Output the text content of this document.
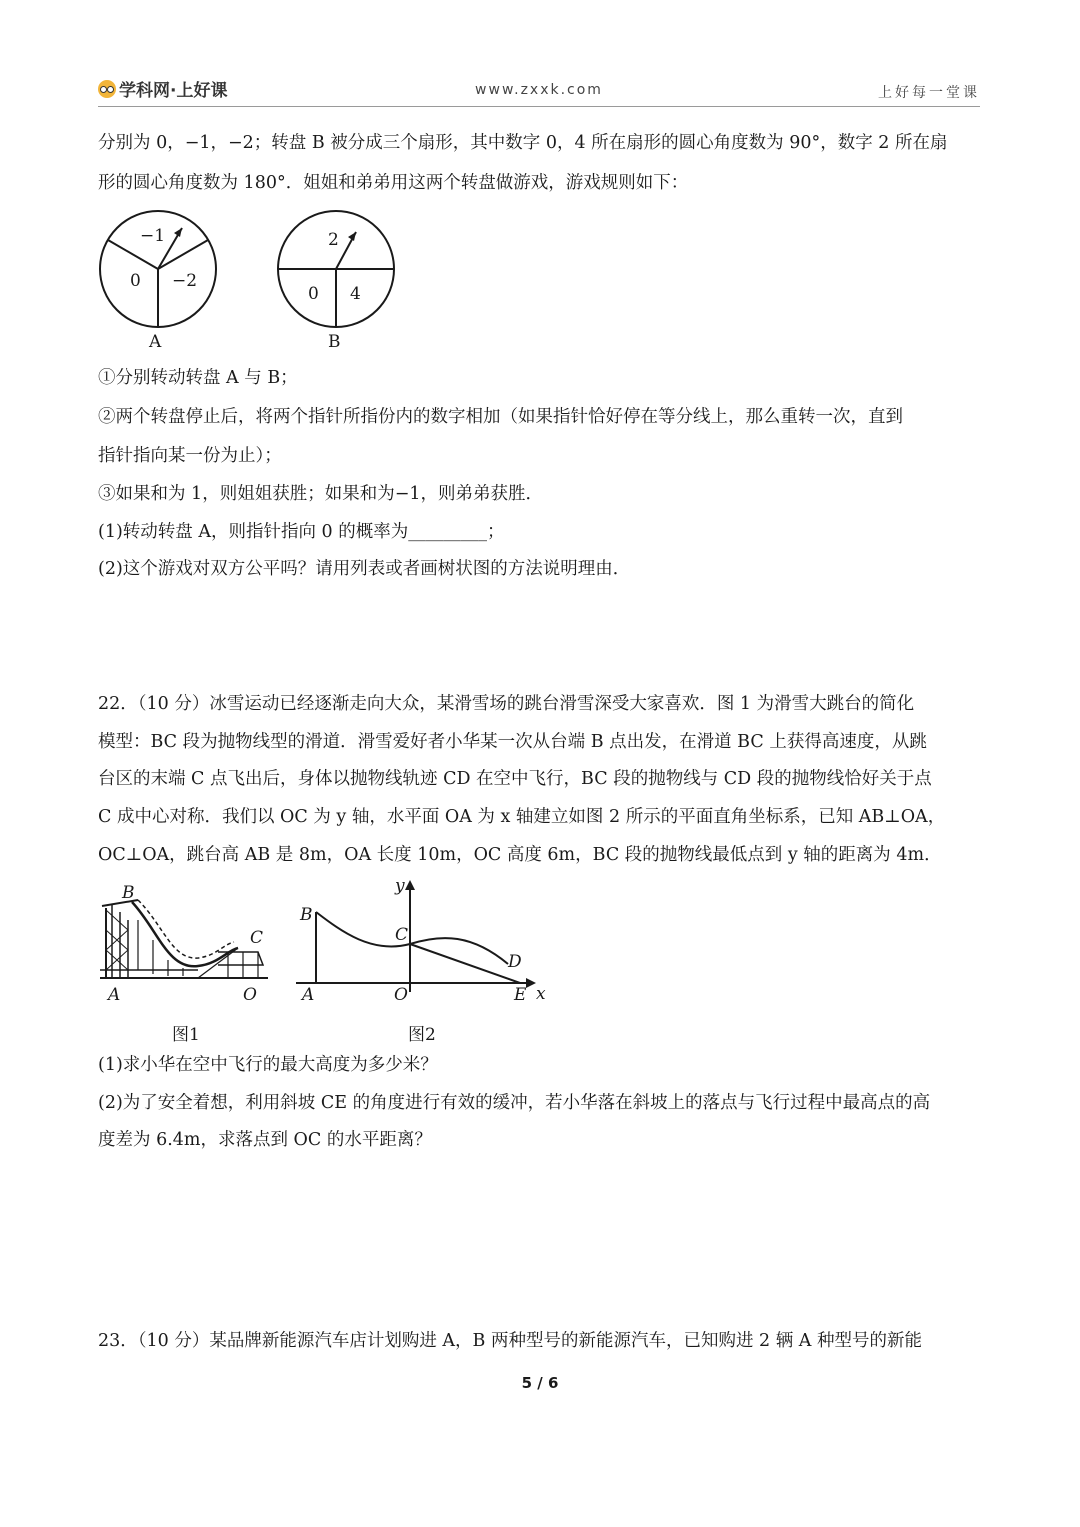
学科网·上好课	www.zxxk.com	上好每一堂课
分别为 0，−1，−2；转盘 B 被分成三个扇形，其中数字 0，4 所在扇形的圆心角度数为 90°，数字 2 所在扇
形的圆心角度数为 180°．姐姐和弟弟用这两个转盘做游戏，游戏规则如下：
−1
0 −2
A
2
0 4
B
①分别转动转盘 A 与 B；
②两个转盘停止后，将两个指针所指份内的数字相加（如果指针恰好停在等分线上，那么重转一次，直到
指针指向某一份为止）；
③如果和为 1，则姐姐获胜；如果和为−1，则弟弟获胜．
(1)转动转盘 A，则指针指向 0 的概率为_________；
(2)这个游戏对双方公平吗？请用列表或者画树状图的方法说明理由．
22．（10 分）冰雪运动已经逐渐走向大众，某滑雪场的跳台滑雪深受大家喜欢．图 1 为滑雪大跳台的简化
模型：BC 段为抛物线型的滑道．滑雪爱好者小华某一次从台端 B 点出发，在滑道 BC 上获得高速度，从跳
台区的末端 C 点飞出后，身体以抛物线轨迹 CD 在空中飞行，BC 段的抛物线与 CD 段的抛物线恰好关于点
C 成中心对称．我们以 OC 为 y 轴，水平面 OA 为 x 轴建立如图 2 所示的平面直角坐标系，已知 AB⊥OA，
OC⊥OA，跳台高 AB 是 8m，OA 长度 10m，OC 高度 6m，BC 段的抛物线最低点到 y 轴的距离为 4m．
B
C
A	O
图1
y
B
C
D
A	O	E x
图2
(1)求小华在空中飞行的最大高度为多少米？
(2)为了安全着想，利用斜坡 CE 的角度进行有效的缓冲，若小华落在斜坡上的落点与飞行过程中最高点的高
度差为 6.4m，求落点到 OC 的水平距离？
23．（10 分）某品牌新能源汽车店计划购进 A，B 两种型号的新能源汽车，已知购进 2 辆 A 种型号的新能
5 / 6
